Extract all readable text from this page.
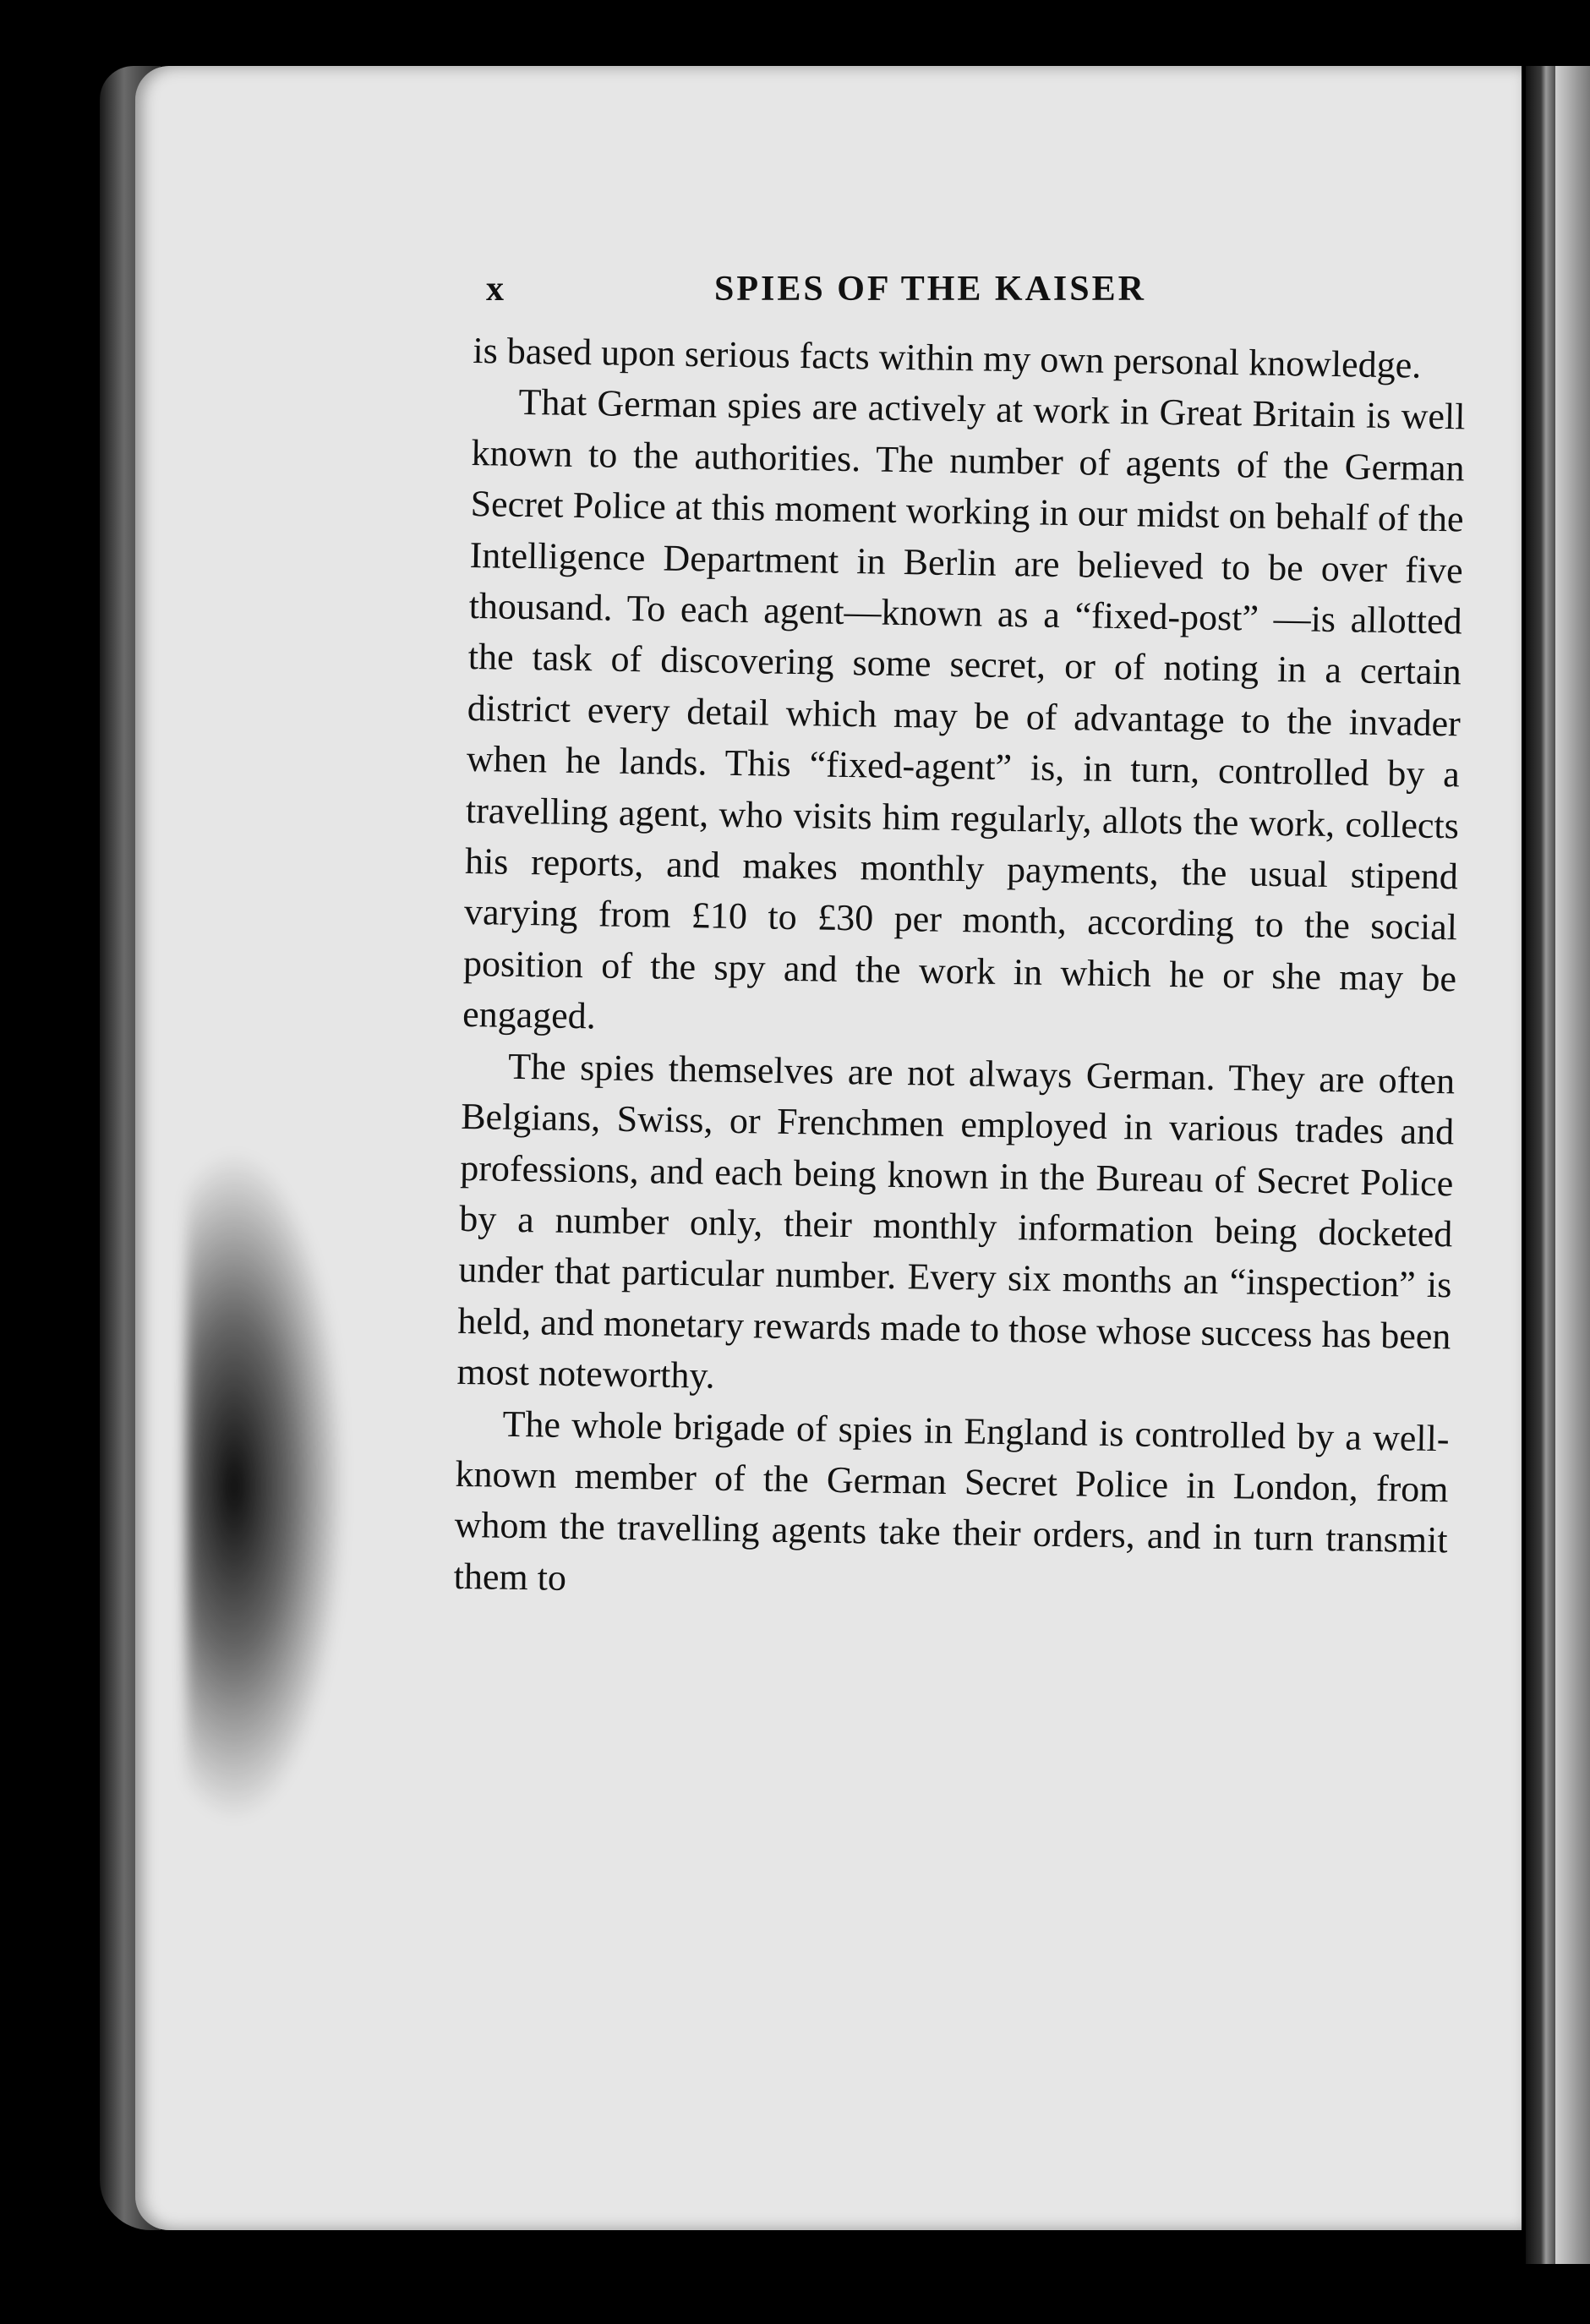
x	SPIES OF THE KAISER

is based upon serious facts within my own personal knowledge.

That German spies are actively at work in Great Britain is well known to the authorities. The number of agents of the German Secret Police at this moment working in our midst on behalf of the Intelligence Department in Berlin are believed to be over five thousand. To each agent—known as a “fixed-post” —is allotted the task of discovering some secret, or of noting in a certain district every detail which may be of advantage to the invader when he lands. This “fixed-agent” is, in turn, controlled by a travelling agent, who visits him regularly, allots the work, collects his reports, and makes monthly payments, the usual stipend varying from £10 to £30 per month, according to the social position of the spy and the work in which he or she may be engaged.

The spies themselves are not always German. They are often Belgians, Swiss, or Frenchmen employed in various trades and professions, and each being known in the Bureau of Secret Police by a number only, their monthly information being docketed under that particular number. Every six months an “inspection” is held, and monetary rewards made to those whose success has been most noteworthy.

The whole brigade of spies in England is controlled by a well-known member of the German Secret Police in London, from whom the travelling agents take their orders, and in turn transmit them to
